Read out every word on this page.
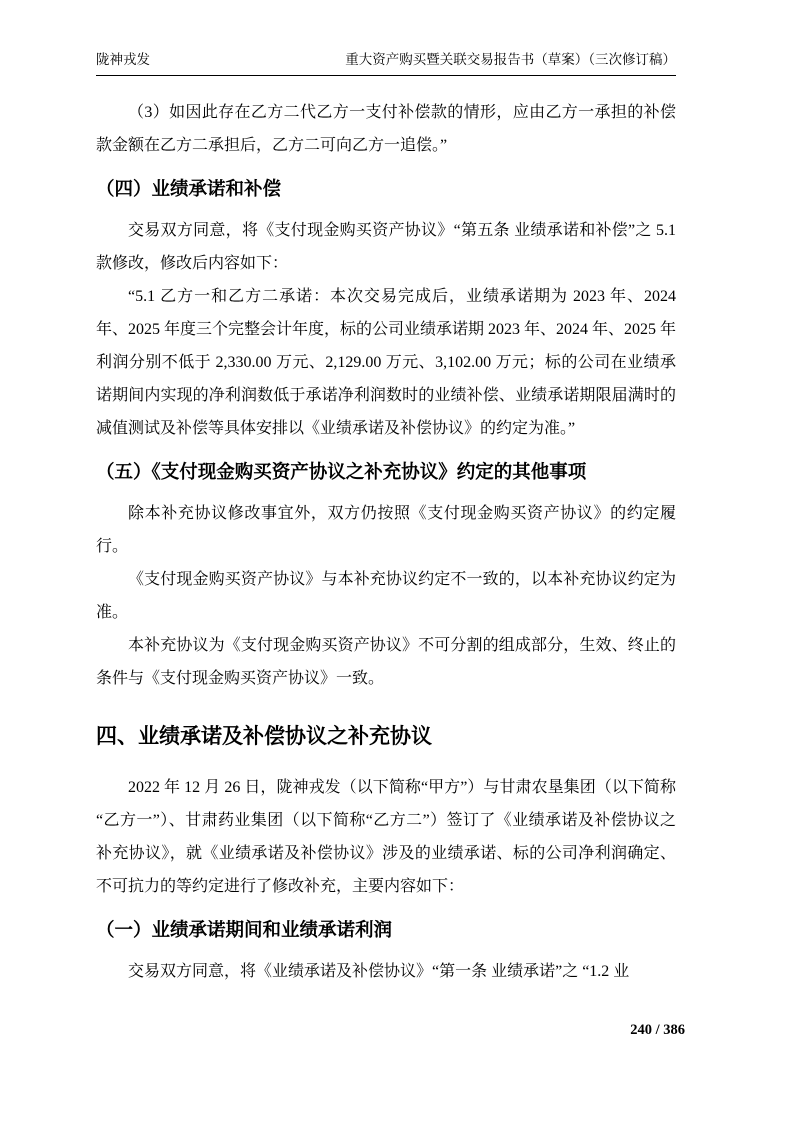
陇神戎发	重大资产购买暨关联交易报告书（草案）（三次修订稿）

（3）如因此存在乙方二代乙方一支付补偿款的情形，应由乙方一承担的补偿款金额在乙方二承担后，乙方二可向乙方一追偿。”

（四）业绩承诺和补偿

交易双方同意，将《支付现金购买资产协议》“第五条 业绩承诺和补偿”之 5.1 款修改，修改后内容如下：

“5.1 乙方一和乙方二承诺：本次交易完成后，业绩承诺期为 2023 年、2024 年、2025 年度三个完整会计年度，标的公司业绩承诺期 2023 年、2024 年、2025 年利润分别不低于 2,330.00 万元、2,129.00 万元、3,102.00 万元；标的公司在业绩承诺期间内实现的净利润数低于承诺净利润数时的业绩补偿、业绩承诺期限届满时的减值测试及补偿等具体安排以《业绩承诺及补偿协议》的约定为准。”

（五）《支付现金购买资产协议之补充协议》约定的其他事项

除本补充协议修改事宜外，双方仍按照《支付现金购买资产协议》的约定履行。

《支付现金购买资产协议》与本补充协议约定不一致的，以本补充协议约定为准。

本补充协议为《支付现金购买资产协议》不可分割的组成部分，生效、终止的条件与《支付现金购买资产协议》一致。

四、业绩承诺及补偿协议之补充协议

2022 年 12 月 26 日，陇神戎发（以下简称“甲方”）与甘肃农垦集团（以下简称“乙方一”）、甘肃药业集团（以下简称“乙方二”）签订了《业绩承诺及补偿协议之补充协议》，就《业绩承诺及补偿协议》涉及的业绩承诺、标的公司净利润确定、不可抗力的等约定进行了修改补充，主要内容如下：

（一）业绩承诺期间和业绩承诺利润

交易双方同意，将《业绩承诺及补偿协议》“第一条 业绩承诺”之 “1.2 业

240 / 386
